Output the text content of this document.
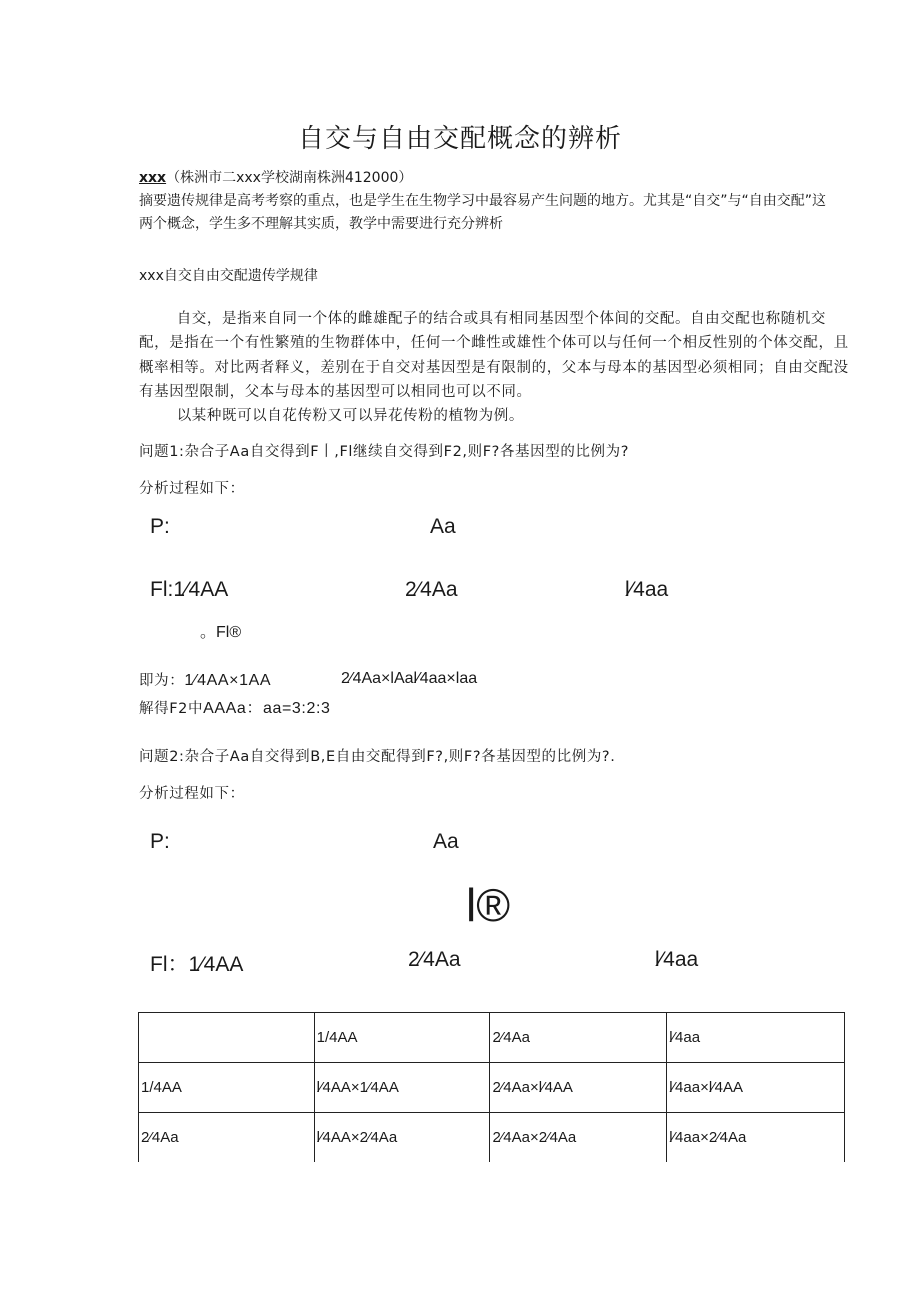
自交与自由交配概念的辨析
xxx（株洲市二xxx学校湖南株洲412000）
摘要遗传规律是高考考察的重点，也是学生在生物学习中最容易产生问题的地方。尤其是“自交”与“自由交配”这两个概念，学生多不理解其实质，教学中需要进行充分辨析
xxx自交自由交配遗传学规律

自交，是指来自同一个体的雌雄配子的结合或具有相同基因型个体间的交配。自由交配也称随机交配，是指在一个有性繁殖的生物群体中，任何一个雌性或雄性个体可以与任何一个相反性别的个体交配，且概率相等。对比两者释义，差别在于自交对基因型是有限制的，父本与母本的基因型必须相同；自由交配没有基因型限制，父本与母本的基因型可以相同也可以不同。

以某种既可以自花传粉又可以异花传粉的植物为例。

问题1:杂合子Aa自交得到F丨,Fl继续自交得到F2,则F?各基因型的比例为?
分析过程如下：
P:	Aa
Fl:1⁄4AA	2⁄4Aa	l⁄4aa
。Fl®
即为：1⁄4AA×1AA	2⁄4Aa×lAal⁄4aa×laa
解得F2中AAAa：aa=3:2:3
问题2:杂合子Aa自交得到B,E自由交配得到F?,则F?各基因型的比例为?.
分析过程如下：
P:	Aa
l®
Fl：1⁄4AA	2⁄4Aa	l⁄4aa
	1/4AA	2⁄4Aa	l⁄4aa
1/4AA	l⁄4AA×1⁄4AA	2⁄4Aa×l⁄4AA	l⁄4aa×l⁄4AA
2⁄4Aa	l⁄4AA×2⁄4Aa	2⁄4Aa×2⁄4Aa	l⁄4aa×2⁄4Aa
